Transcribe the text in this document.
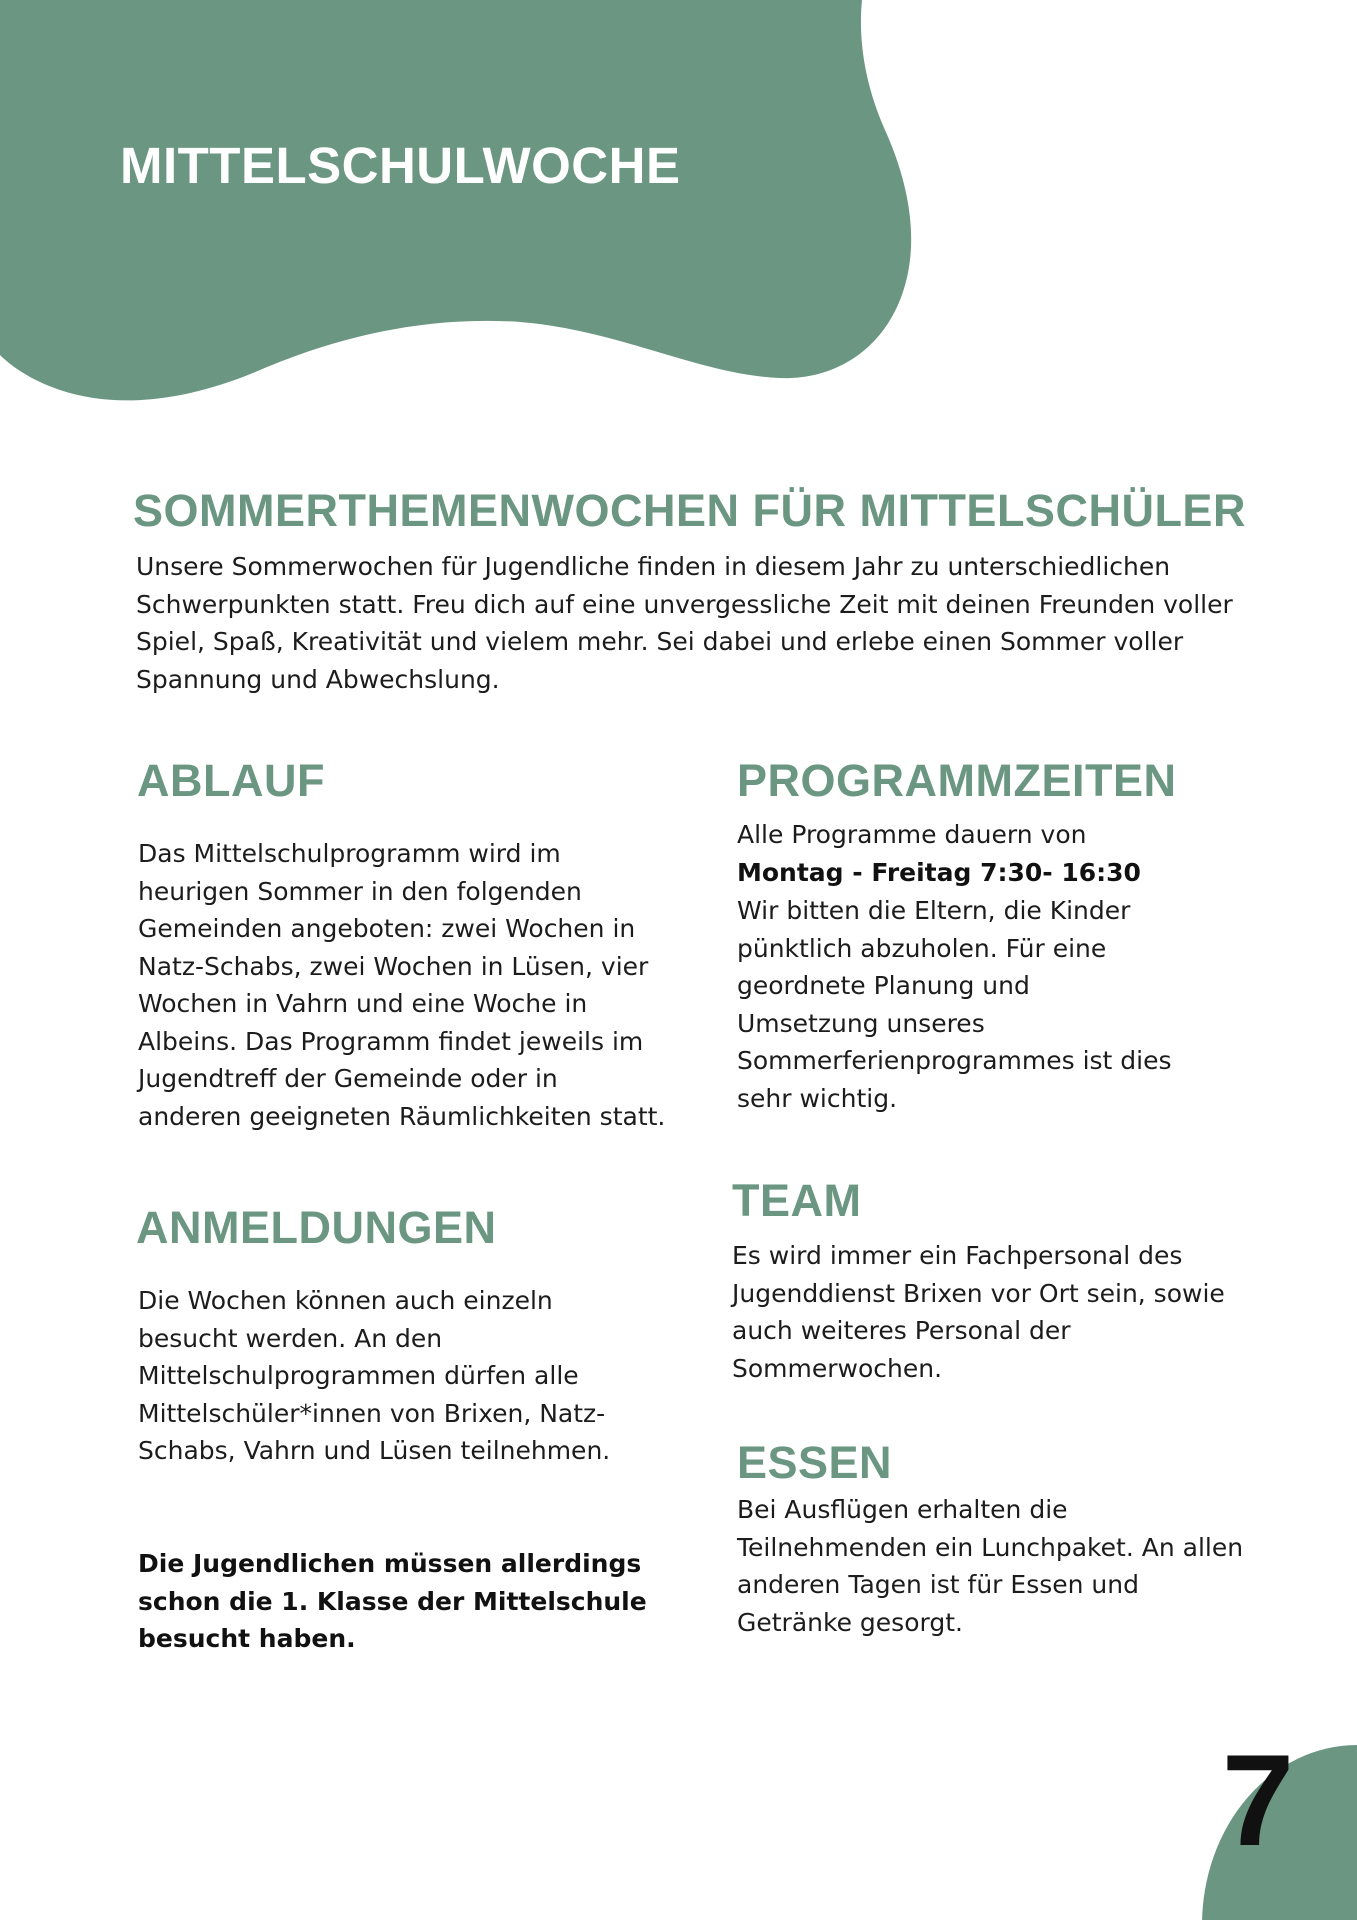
MITTELSCHULWOCHE
SOMMERTHEMENWOCHEN FÜR MITTELSCHÜLER

Unsere Sommerwochen für Jugendliche finden in diesem Jahr zu unterschiedlichen Schwerpunkten statt. Freu dich auf eine unvergessliche Zeit mit deinen Freunden voller Spiel, Spaß, Kreativität und vielem mehr. Sei dabei und erlebe einen Sommer voller Spannung und Abwechslung.

ABLAUF

Das Mittelschulprogramm wird im heurigen Sommer in den folgenden Gemeinden angeboten: zwei Wochen in Natz-Schabs, zwei Wochen in Lüsen, vier Wochen in Vahrn und eine Woche in Albeins. Das Programm findet jeweils im Jugendtreff der Gemeinde oder in anderen geeigneten Räumlichkeiten statt.

ANMELDUNGEN

Die Wochen können auch einzeln besucht werden. An den Mittelschulprogrammen dürfen alle Mittelschüler*innen von Brixen, Natz- Schabs, Vahrn und Lüsen teilnehmen.

Die Jugendlichen müssen allerdings schon die 1. Klasse der Mittelschule besucht haben.

PROGRAMMZEITEN

Alle Programme dauern von

Montag - Freitag 7:30- 16:30

Wir bitten die Eltern, die Kinder pünktlich abzuholen. Für eine geordnete Planung und Umsetzung unseres Sommerferienprogrammes ist dies sehr wichtig.

TEAM

Es wird immer ein Fachpersonal des Jugenddienst Brixen vor Ort sein, sowie auch weiteres Personal der Sommerwochen.

ESSEN

Bei Ausflügen erhalten die Teilnehmenden ein Lunchpaket. An allen anderen Tagen ist für Essen und Getränke gesorgt.

7
